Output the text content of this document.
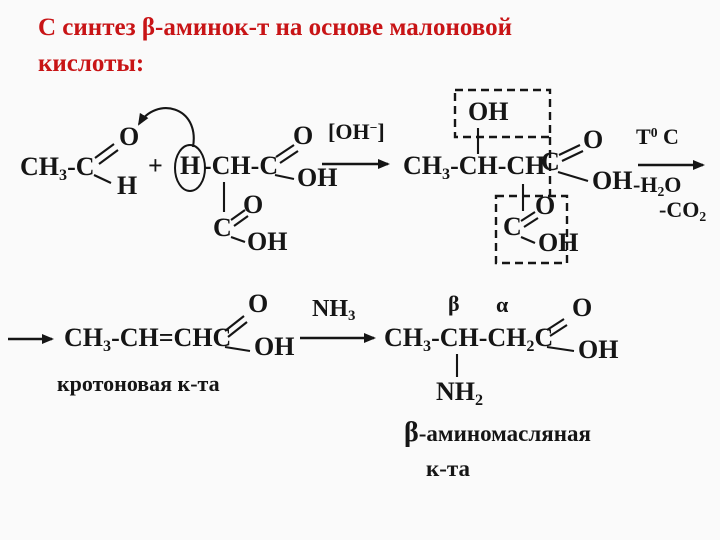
С синтез β-аминок-т на основе малоновой
кислоты:
$CH_3-C$
O
H
+ H -CH-C
O
OH
C
O
OH
[OH−]
$CH_3-CH-CH$
C
O
OH
OH
C
O
OH
$T^0$ C
$-H_2O$
$-CO_2$
$CH_3-CH=CHC$
O
OH
кротоновая к-та
$NH_3$
β α
$CH_3-CH-CH_2C$
O
OH
$NH_2$
β-аминомасляная
к-та
